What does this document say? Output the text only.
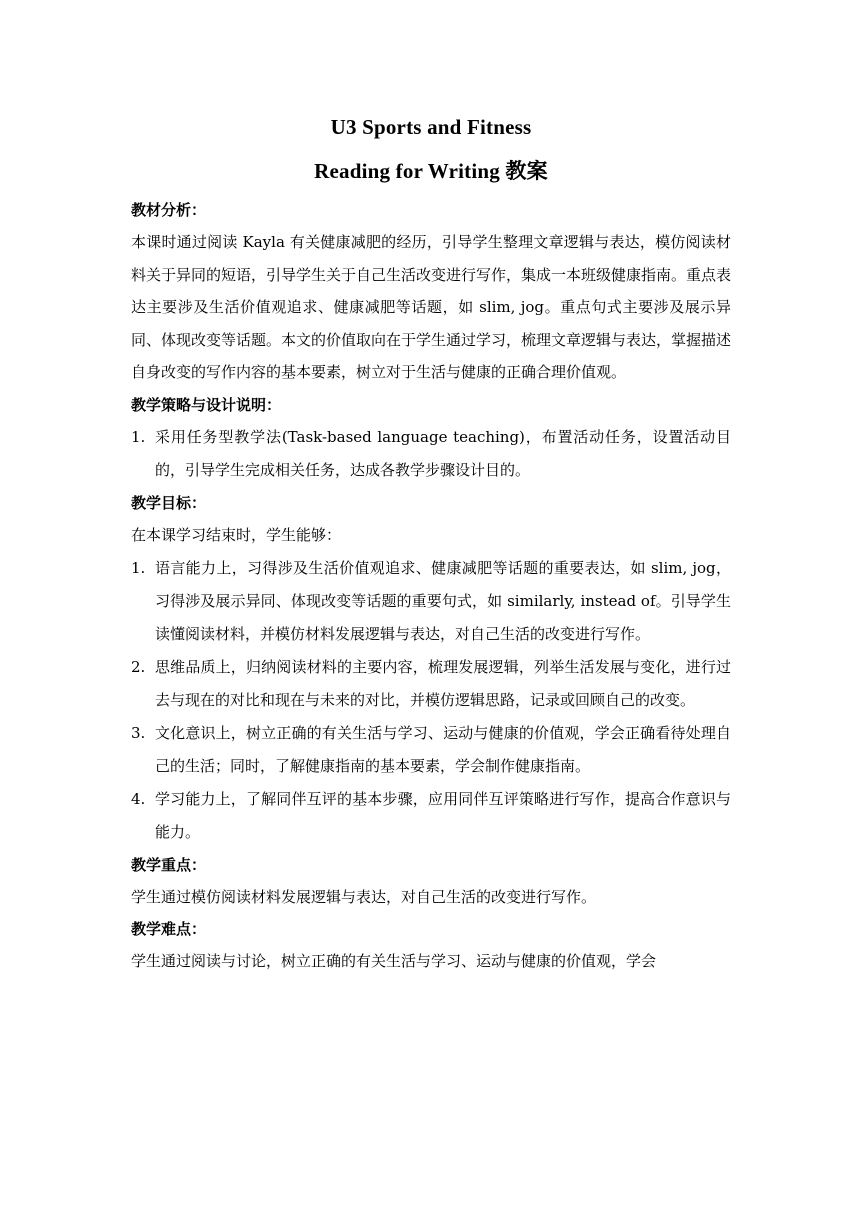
U3 Sports and Fitness
Reading for Writing 教案

教材分析：

本课时通过阅读 Kayla 有关健康减肥的经历，引导学生整理文章逻辑与表达，模仿阅读材料关于异同的短语，引导学生关于自己生活改变进行写作，集成一本班级健康指南。重点表达主要涉及生活价值观追求、健康减肥等话题，如 slim, jog。重点句式主要涉及展示异同、体现改变等话题。本文的价值取向在于学生通过学习，梳理文章逻辑与表达，掌握描述自身改变的写作内容的基本要素，树立对于生活与健康的正确合理价值观。

教学策略与设计说明：

1. 采用任务型教学法(Task-based language teaching)，布置活动任务，设置活动目的，引导学生完成相关任务，达成各教学步骤设计目的。

教学目标：

在本课学习结束时，学生能够：

1. 语言能力上，习得涉及生活价值观追求、健康减肥等话题的重要表达，如 slim, jog，习得涉及展示异同、体现改变等话题的重要句式，如 similarly, instead of。引导学生读懂阅读材料，并模仿材料发展逻辑与表达，对自己生活的改变进行写作。
2. 思维品质上，归纳阅读材料的主要内容，梳理发展逻辑，列举生活发展与变化，进行过去与现在的对比和现在与未来的对比，并模仿逻辑思路，记录或回顾自己的改变。
3. 文化意识上，树立正确的有关生活与学习、运动与健康的价值观，学会正确看待处理自己的生活；同时，了解健康指南的基本要素，学会制作健康指南。
4. 学习能力上，了解同伴互评的基本步骤，应用同伴互评策略进行写作，提高合作意识与能力。

教学重点：

学生通过模仿阅读材料发展逻辑与表达，对自己生活的改变进行写作。

教学难点：

学生通过阅读与讨论，树立正确的有关生活与学习、运动与健康的价值观，学会
